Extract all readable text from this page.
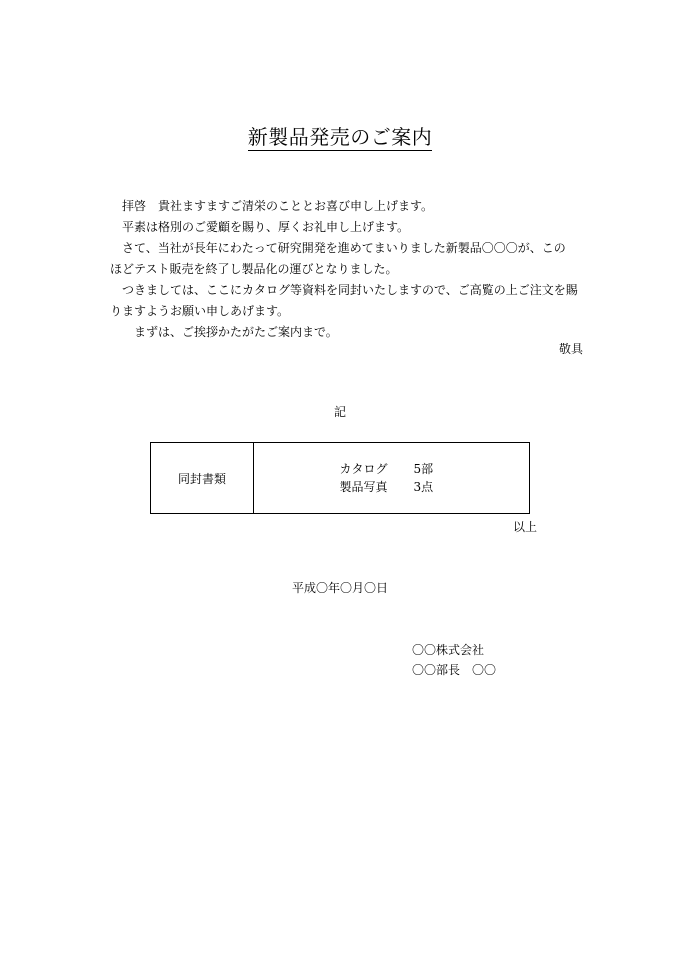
新製品発売のご案内
拝啓　貴社ますますご清栄のこととお喜び申し上げます。
平素は格別のご愛顧を賜り、厚くお礼申し上げます。
さて、当社が長年にわたって研究開発を進めてまいりました新製品〇〇〇が、この
ほどテスト販売を終了し製品化の運びとなりました。
つきましては、ここにカタログ等資料を同封いたしますので、ご高覧の上ご注文を賜
りますようお願い申しあげます。
まずは、ご挨拶かたがたご案内まで。
敬具
記
同封書類
カタログ	5部
製品写真	3点
以上
平成〇年〇月〇日
〇〇株式会社
〇〇部長　〇〇
